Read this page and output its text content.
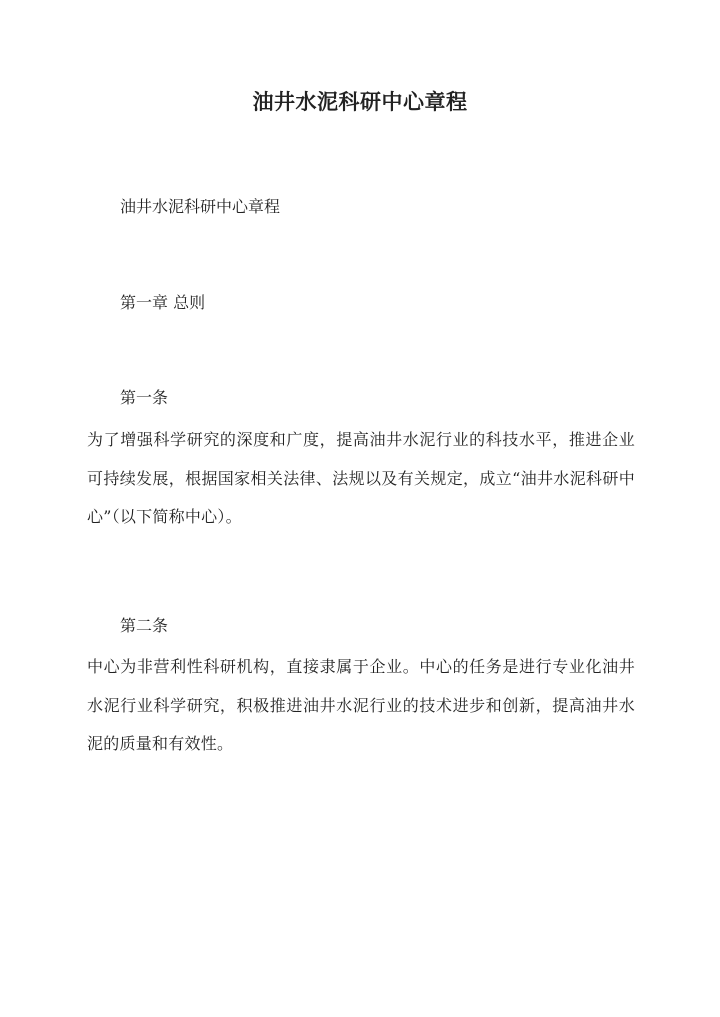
油井水泥科研中心章程
油井水泥科研中心章程
第一章 总则
第一条
为了增强科学研究的深度和广度，提高油井水泥行业的科技水平，推进企业可持续发展，根据国家相关法律、法规以及有关规定，成立“油井水泥科研中心”（以下简称中心）。
第二条
中心为非营利性科研机构，直接隶属于企业。中心的任务是进行专业化油井水泥行业科学研究，积极推进油井水泥行业的技术进步和创新，提高油井水泥的质量和有效性。
